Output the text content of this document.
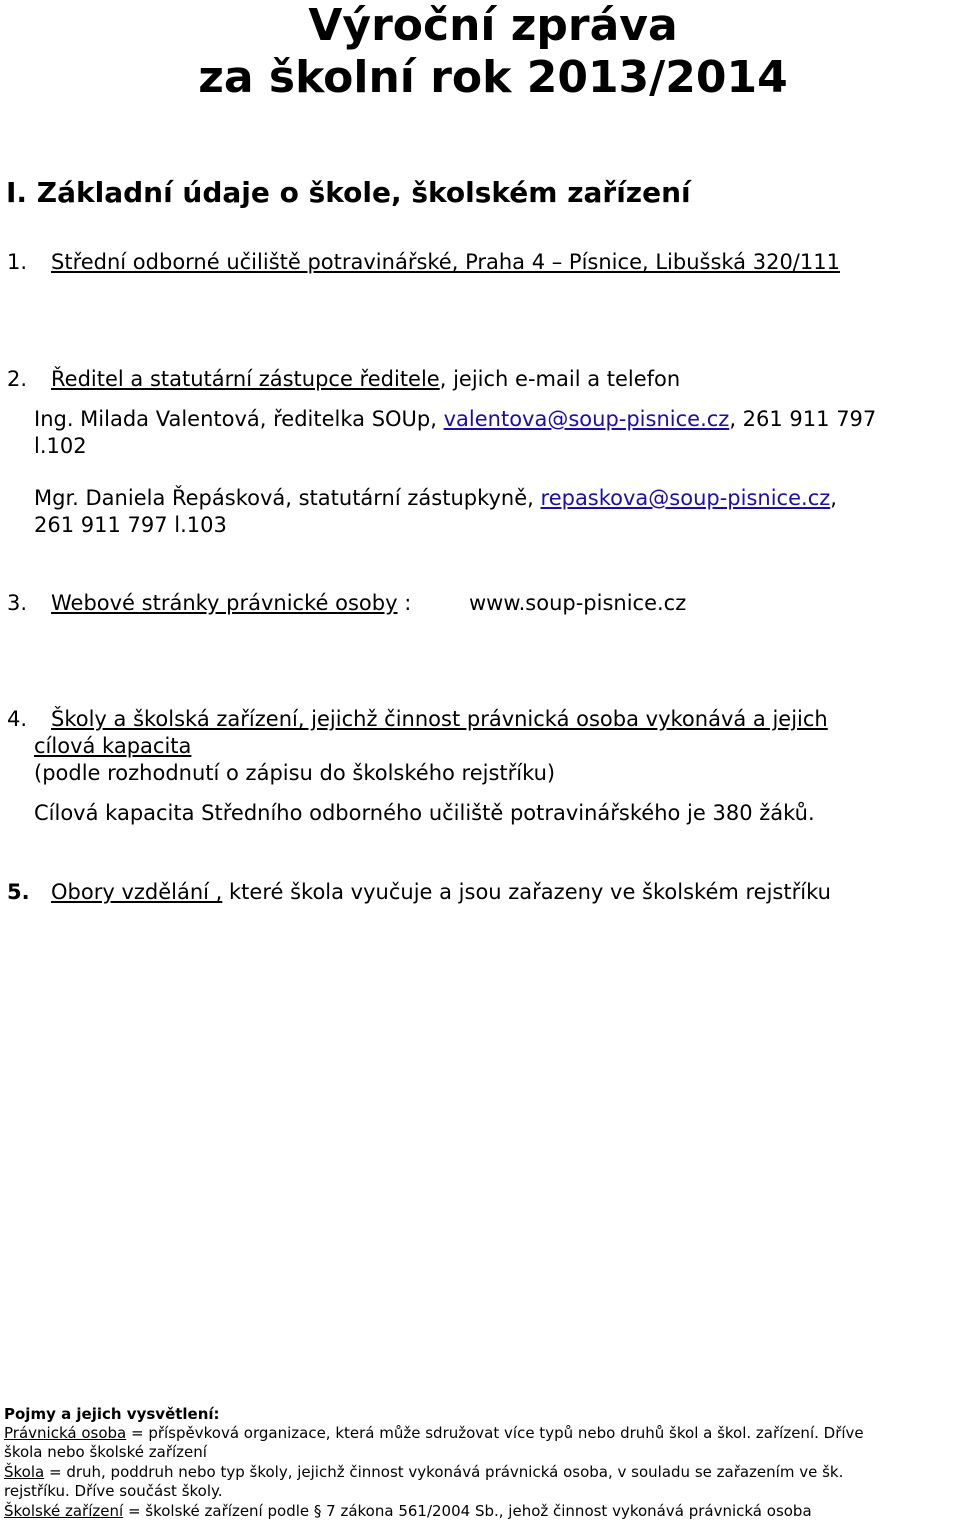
Výroční zpráva
za školní rok 2013/2014
I. Základní údaje o škole, školském zařízení
1. Střední odborné učiliště potravinářské, Praha 4 – Písnice, Libušská 320/111
2. Ředitel a statutární zástupce ředitele, jejich e-mail a telefon
Ing. Milada Valentová, ředitelka SOUp, valentova@soup-pisnice.cz, 261 911 797
l.102
Mgr. Daniela Řepásková, statutární zástupkyně, repaskova@soup-pisnice.cz,
261 911 797 l.103
3. Webové stránky právnické osoby :	www.soup-pisnice.cz
4. Školy a školská zařízení, jejichž činnost právnická osoba vykonává a jejich
cílová kapacita
(podle rozhodnutí o zápisu do školského rejstříku)
Cílová kapacita Středního odborného učiliště potravinářského je 380 žáků.
5. Obory vzdělání , které škola vyučuje a jsou zařazeny ve školském rejstříku
Pojmy a jejich vysvětlení:
Právnická osoba = příspěvková organizace, která může sdružovat více typů nebo druhů škol a škol. zařízení. Dříve
škola nebo školské zařízení
Škola = druh, poddruh nebo typ školy, jejichž činnost vykonává právnická osoba, v souladu se zařazením ve šk.
rejstříku. Dříve součást školy.
Školské zařízení = školské zařízení podle § 7 zákona 561/2004 Sb., jehož činnost vykonává právnická osoba
